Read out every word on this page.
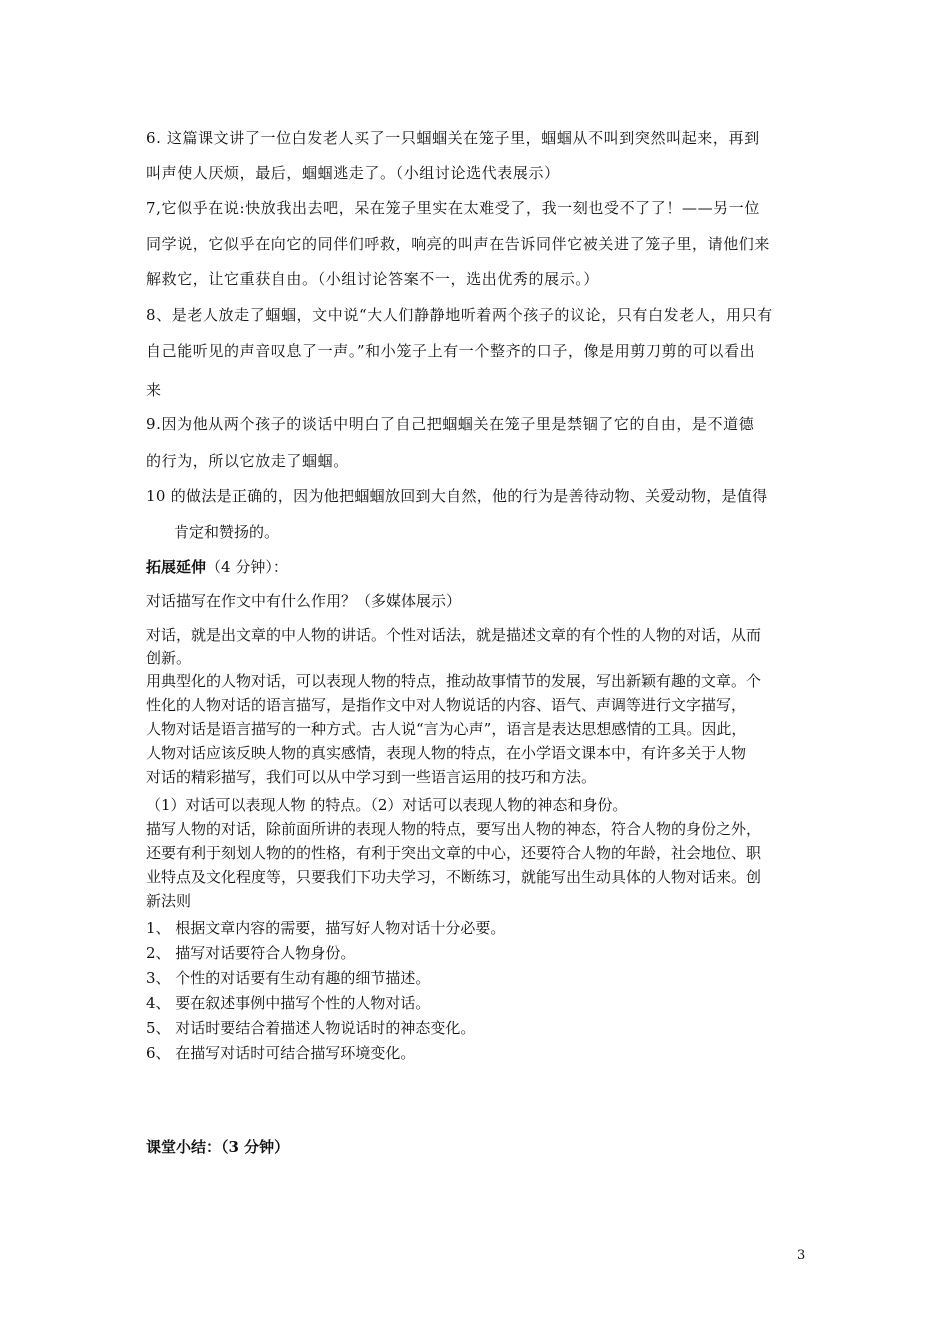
6. 这篇课文讲了一位白发老人买了一只蝈蝈关在笼子里，蝈蝈从不叫到突然叫起来，再到
叫声使人厌烦，最后，蝈蝈逃走了。（小组讨论选代表展示）
7,它似乎在说:快放我出去吧，呆在笼子里实在太难受了，我一刻也受不了了！——另一位
同学说，它似乎在向它的同伴们呼救，响亮的叫声在告诉同伴它被关进了笼子里，请他们来
解救它，让它重获自由。（小组讨论答案不一，选出优秀的展示。）
8、是老人放走了蝈蝈，文中说“大人们静静地听着两个孩子的议论，只有白发老人，用只有
自己能听见的声音叹息了一声。”和小笼子上有一个整齐的口子，像是用剪刀剪的可以看出
来
9.因为他从两个孩子的谈话中明白了自己把蝈蝈关在笼子里是禁锢了它的自由，是不道德
的行为，所以它放走了蝈蝈。
10 的做法是正确的，因为他把蝈蝈放回到大自然，他的行为是善待动物、关爱动物，是值得
肯定和赞扬的。
拓展延伸（4 分钟）：
对话描写在作文中有什么作用？（多媒体展示）
对话，就是出文章的中人物的讲话。个性对话法，就是描述文章的有个性的人物的对话，从而
创新。
用典型化的人物对话，可以表现人物的特点，推动故事情节的发展，写出新颖有趣的文章。个
性化的人物对话的语言描写，是指作文中对人物说话的内容、语气、声调等进行文字描写，
人物对话是语言描写的一种方式。古人说“言为心声”，语言是表达思想感情的工具。因此，
人物对话应该反映人物的真实感情，表现人物的特点，在小学语文课本中，有许多关于人物
对话的精彩描写，我们可以从中学习到一些语言运用的技巧和方法。
（1）对话可以表现人物 的特点。（2）对话可以表现人物的神态和身份。
描写人物的对话，除前面所讲的表现人物的特点，要写出人物的神态，符合人物的身份之外，
还要有利于刻划人物的的性格，有利于突出文章的中心，还要符合人物的年龄，社会地位、职
业特点及文化程度等，只要我们下功夫学习，不断练习，就能写出生动具体的人物对话来。创
新法则
1、 根据文章内容的需要，描写好人物对话十分必要。
2、 描写对话要符合人物身份。
3、 个性的对话要有生动有趣的细节描述。
4、 要在叙述事例中描写个性的人物对话。
5、 对话时要结合着描述人物说话时的神态变化。
6、 在描写对话时可结合描写环境变化。
课堂小结：（3 分钟）
3
